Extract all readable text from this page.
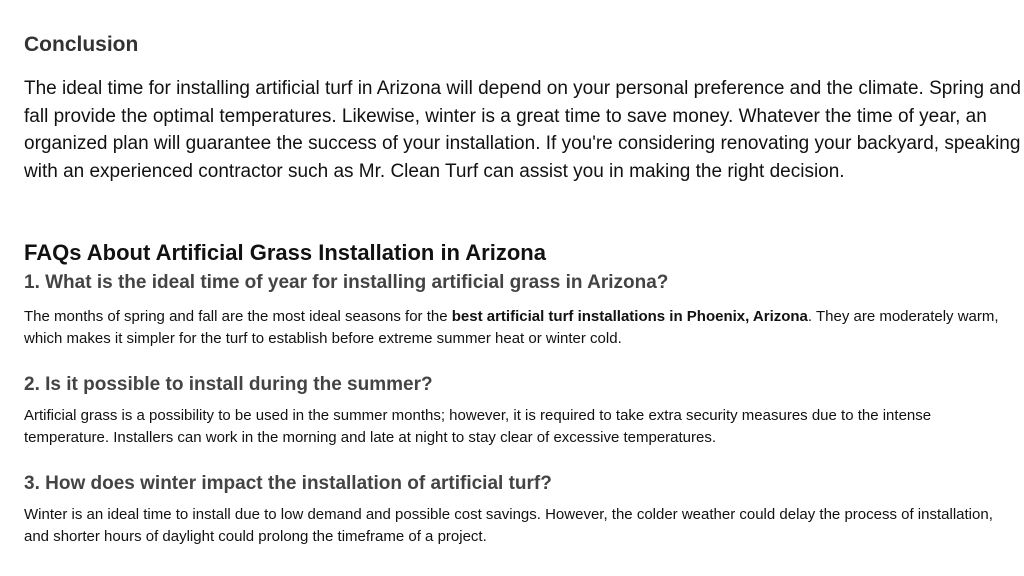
Conclusion

The ideal time for installing artificial turf in Arizona will depend on your personal preference and the climate. Spring and fall provide the optimal temperatures. Likewise, winter is a great time to save money. Whatever the time of year, an organized plan will guarantee the success of your installation. If you're considering renovating your backyard, speaking with an experienced contractor such as Mr. Clean Turf can assist you in making the right decision.

FAQs About Artificial Grass Installation in Arizona
1. What is the ideal time of year for installing artificial grass in Arizona?

The months of spring and fall are the most ideal seasons for the best artificial turf installations in Phoenix, Arizona. They are moderately warm, which makes it simpler for the turf to establish before extreme summer heat or winter cold.

2. Is it possible to install during the summer?

Artificial grass is a possibility to be used in the summer months; however, it is required to take extra security measures due to the intense temperature. Installers can work in the morning and late at night to stay clear of excessive temperatures.

3. How does winter impact the installation of artificial turf?

Winter is an ideal time to install due to low demand and possible cost savings. However, the colder weather could delay the process of installation, and shorter hours of daylight could prolong the timeframe of a project.
